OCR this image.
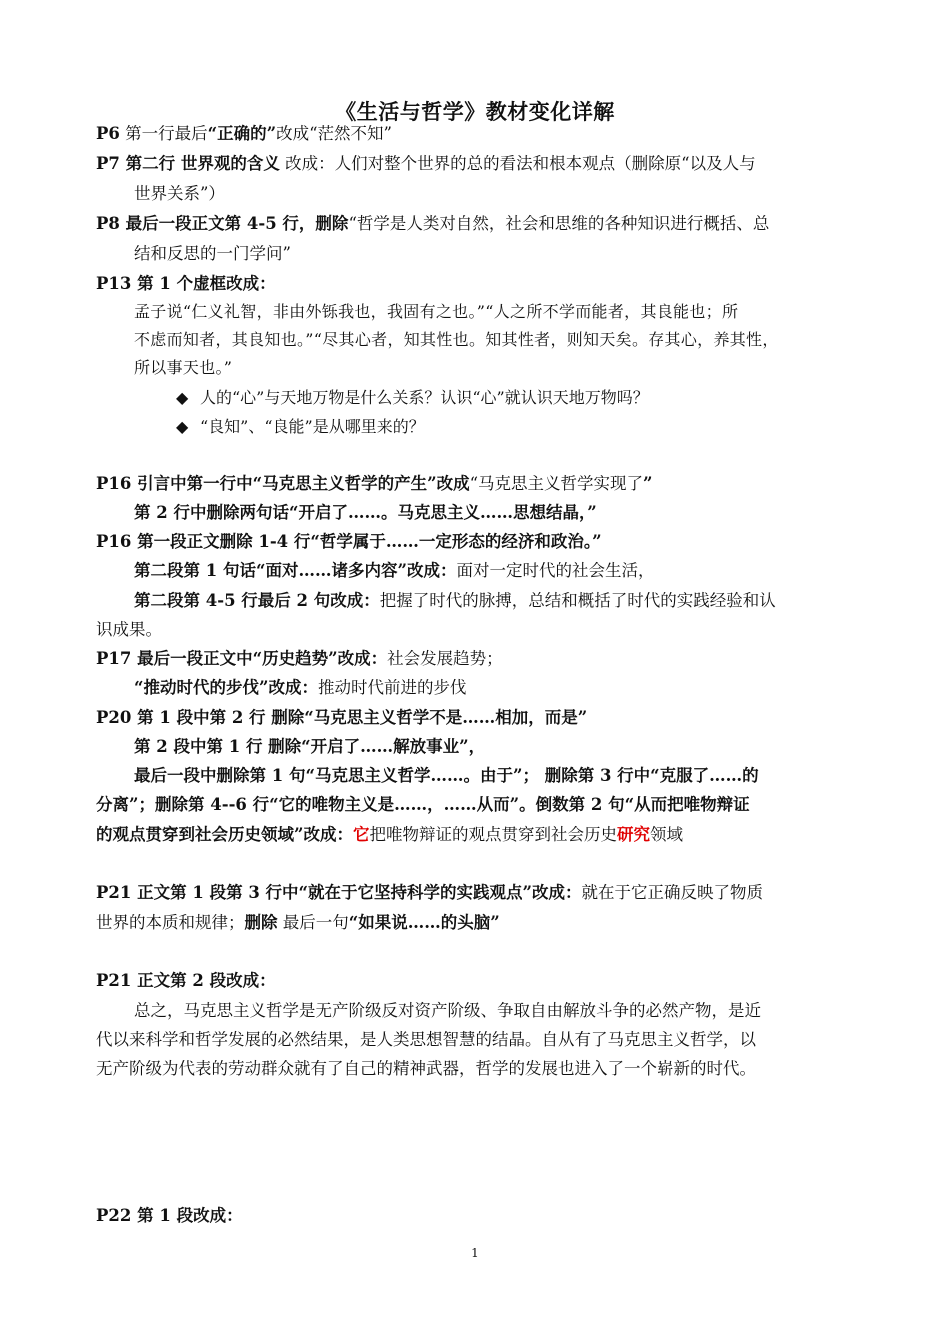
《生活与哲学》教材变化详解
P6 第一行最后“正确的”改成“茫然不知”
P7 第二行 世界观的含义 改成：人们对整个世界的总的看法和根本观点（删除原“以及人与
世界关系”）
P8 最后一段正文第 4-5 行，删除“哲学是人类对自然，社会和思维的各种知识进行概括、总
结和反思的一门学问”
P13 第 1 个虚框改成：
孟子说“仁义礼智，非由外铄我也，我固有之也。”“人之所不学而能者，其良能也；所
不虑而知者，其良知也。”“尽其心者，知其性也。知其性者，则知天矣。存其心，养其性，
所以事天也。”
◆ 人的“心”与天地万物是什么关系？认识“心”就认识天地万物吗？
◆ “良知”、“良能”是从哪里来的？
P16 引言中第一行中“马克思主义哲学的产生”改成“马克思主义哲学实现了”
第 2 行中删除两句话“开启了……。马克思主义……思想结晶，”
P16 第一段正文删除 1-4 行“哲学属于……一定形态的经济和政治。”
第二段第 1 句话“面对……诸多内容”改成：面对一定时代的社会生活，
第二段第 4-5 行最后 2 句改成：把握了时代的脉搏，总结和概括了时代的实践经验和认
识成果。
P17 最后一段正文中“历史趋势”改成：社会发展趋势；
“推动时代的步伐”改成：推动时代前进的步伐
P20 第 1 段中第 2 行 删除“马克思主义哲学不是……相加，而是”
第 2 段中第 1 行 删除“开启了……解放事业”，
最后一段中删除第 1 句“马克思主义哲学……。由于”； 删除第 3 行中“克服了……的
分离”；删除第 4--6 行“它的唯物主义是……，……从而”。倒数第 2 句“从而把唯物辩证
的观点贯穿到社会历史领域”改成：它把唯物辩证的观点贯穿到社会历史研究领域
P21 正文第 1 段第 3 行中“就在于它坚持科学的实践观点”改成：就在于它正确反映了物质
世界的本质和规律；删除 最后一句“如果说……的头脑”
P21 正文第 2 段改成：
总之，马克思主义哲学是无产阶级反对资产阶级、争取自由解放斗争的必然产物，是近
代以来科学和哲学发展的必然结果，是人类思想智慧的结晶。自从有了马克思主义哲学，以
无产阶级为代表的劳动群众就有了自己的精神武器，哲学的发展也进入了一个崭新的时代。
P22 第 1 段改成：
1
